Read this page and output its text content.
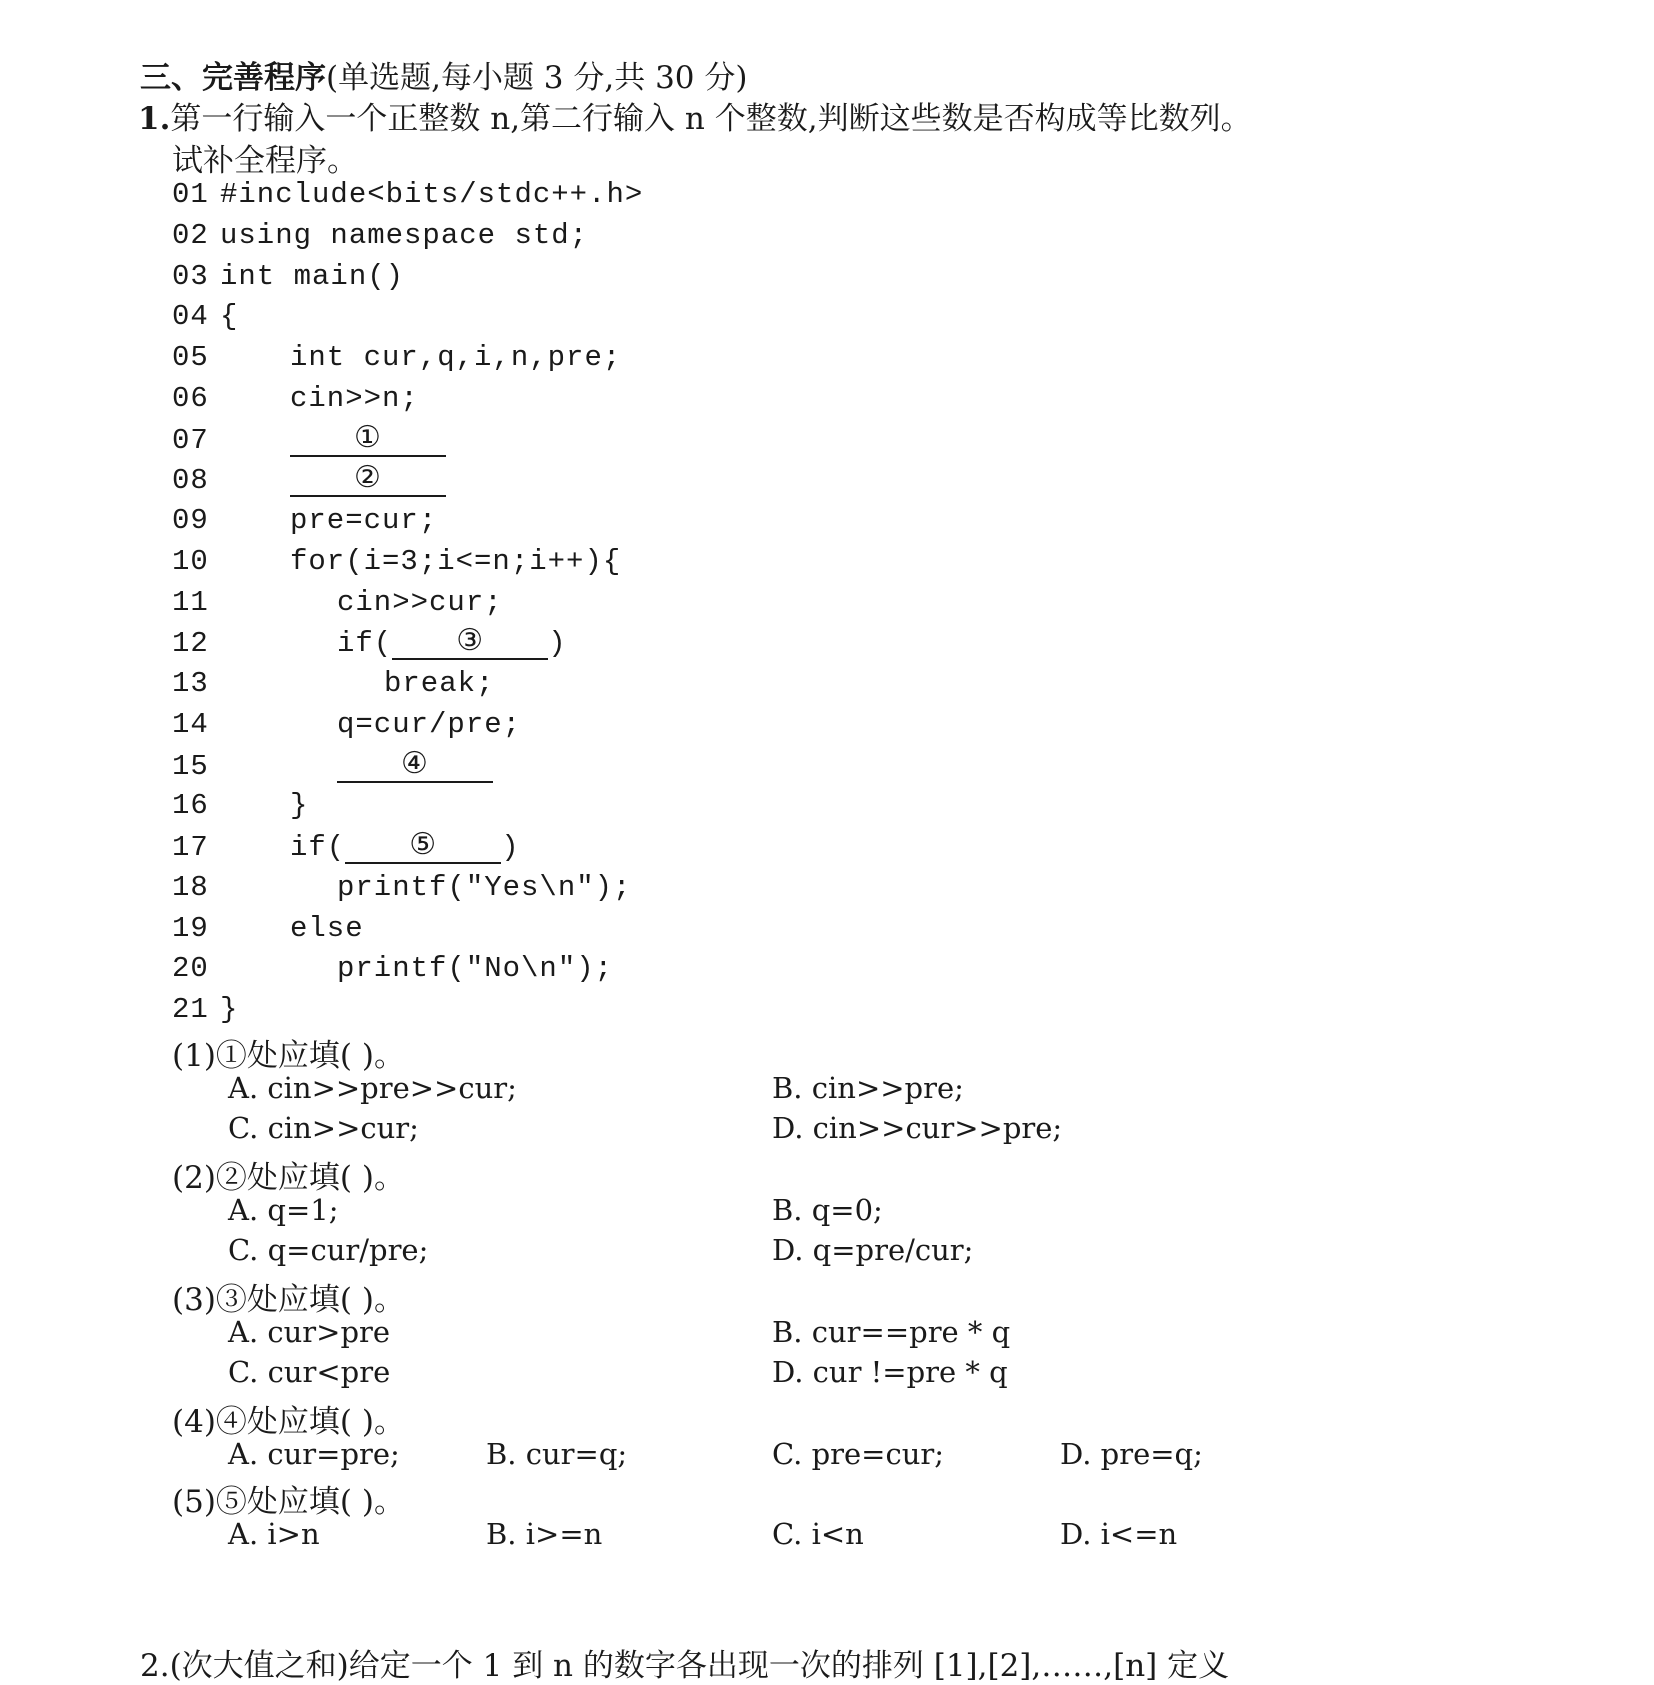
三、完善程序(单选题,每小题 3 分,共 30 分)
1.第一行输入一个正整数 n,第二行输入 n 个整数,判断这些数是否构成等比数列。
试补全程序。
01 #include<bits/stdc++.h>
02 using namespace std;
03 int main()
04 {
05	int cur,q,i,n,pre;
06	cin>>n;
07	①
08	②
09	pre=cur;
10	for(i=3;i<=n;i++){
11	cin>>cur;
12	if( ③ )
13	break;
14	q=cur/pre;
15	④
16	}
17	if( ⑤ )
18	printf("Yes\n");
19	else
20	printf("No\n");
21 }
(1)①处应填( )。
A. cin>>pre>>cur;	B. cin>>pre;
C. cin>>cur;	D. cin>>cur>>pre;
(2)②处应填( )。
A. q=1;	B. q=0;
C. q=cur/pre;	D. q=pre/cur;
(3)③处应填( )。
A. cur>pre	B. cur==pre * q
C. cur<pre	D. cur !=pre * q
(4)④处应填( )。
A. cur=pre;	B. cur=q;	C. pre=cur;	D. pre=q;
(5)⑤处应填( )。
A. i>n	B. i>=n	C. i<n	D. i<=n
2.(次大值之和)给定一个 1 到 n 的数字各出现一次的排列 [1],[2],……,[n] 定义
